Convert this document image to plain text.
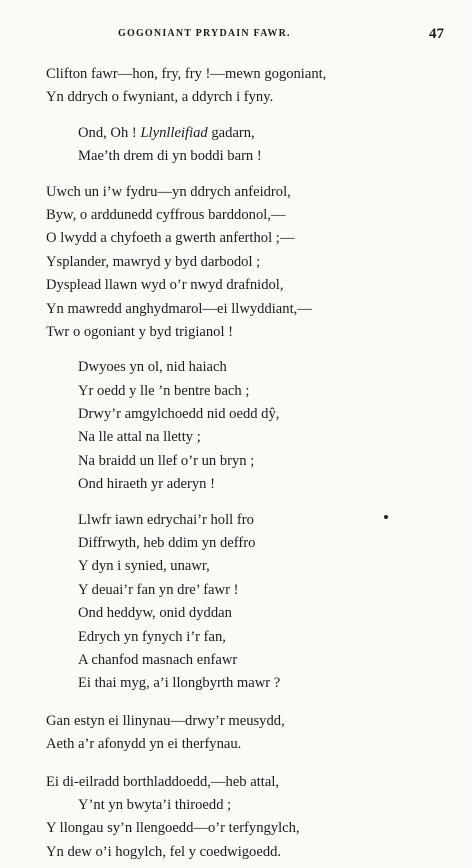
GOGONIANT PRYDAIN FAWR.	47
Clifton fawr—hon, fry, fry !—mewn gogoniant,
Yn ddrych o fwyniant, a ddyrch i fyny.
Ond, Oh ! Llynlleifiad gadarn,
Mae’th drem di yn boddi barn !
Uwch un i’w fydru—yn ddrych anfeidrol,
Byw, o arddunedd cyffrous barddonol,—
O lwydd a chyfoeth a gwerth anferthol ;—
Ysplander, mawryd y byd darbodol ;
Dysplead llawn wyd o’r nwyd drafnidol,
Yn mawredd anghydmarol—ei llwyddiant,—
Twr o ogoniant y byd trigianol !
Dwyoes yn ol, nid haiach
Yr oedd y lle ’n bentre bach ;
Drwy’r amgylchoedd nid oedd dŷ,
Na lle attal na lletty ;
Na braidd un llef o’r un bryn ;
Ond hiraeth yr aderyn !
Llwfr iawn edrychai’r holl fro
Diffrwyth, heb ddim yn deffro
Y dyn i synied, unawr,
Y deuai’r fan yn dre’ fawr !
Ond heddyw, onid dyddan
Edrych yn fynych i’r fan,
A chanfod masnach enfawr
Ei thai myg, a’i llongbyrth mawr ?
Gan estyn ei llinynau—drwy’r meusydd,
Aeth a’r afonydd yn ei therfynau.
Ei di-eilradd borthladdoedd,—heb attal,
Y’nt yn bwyta’i thiroedd ;
Y llongau sy’n llengoedd—o’r terfyngylch,
Yn dew o’i hogylch, fel y coedwigoedd.
